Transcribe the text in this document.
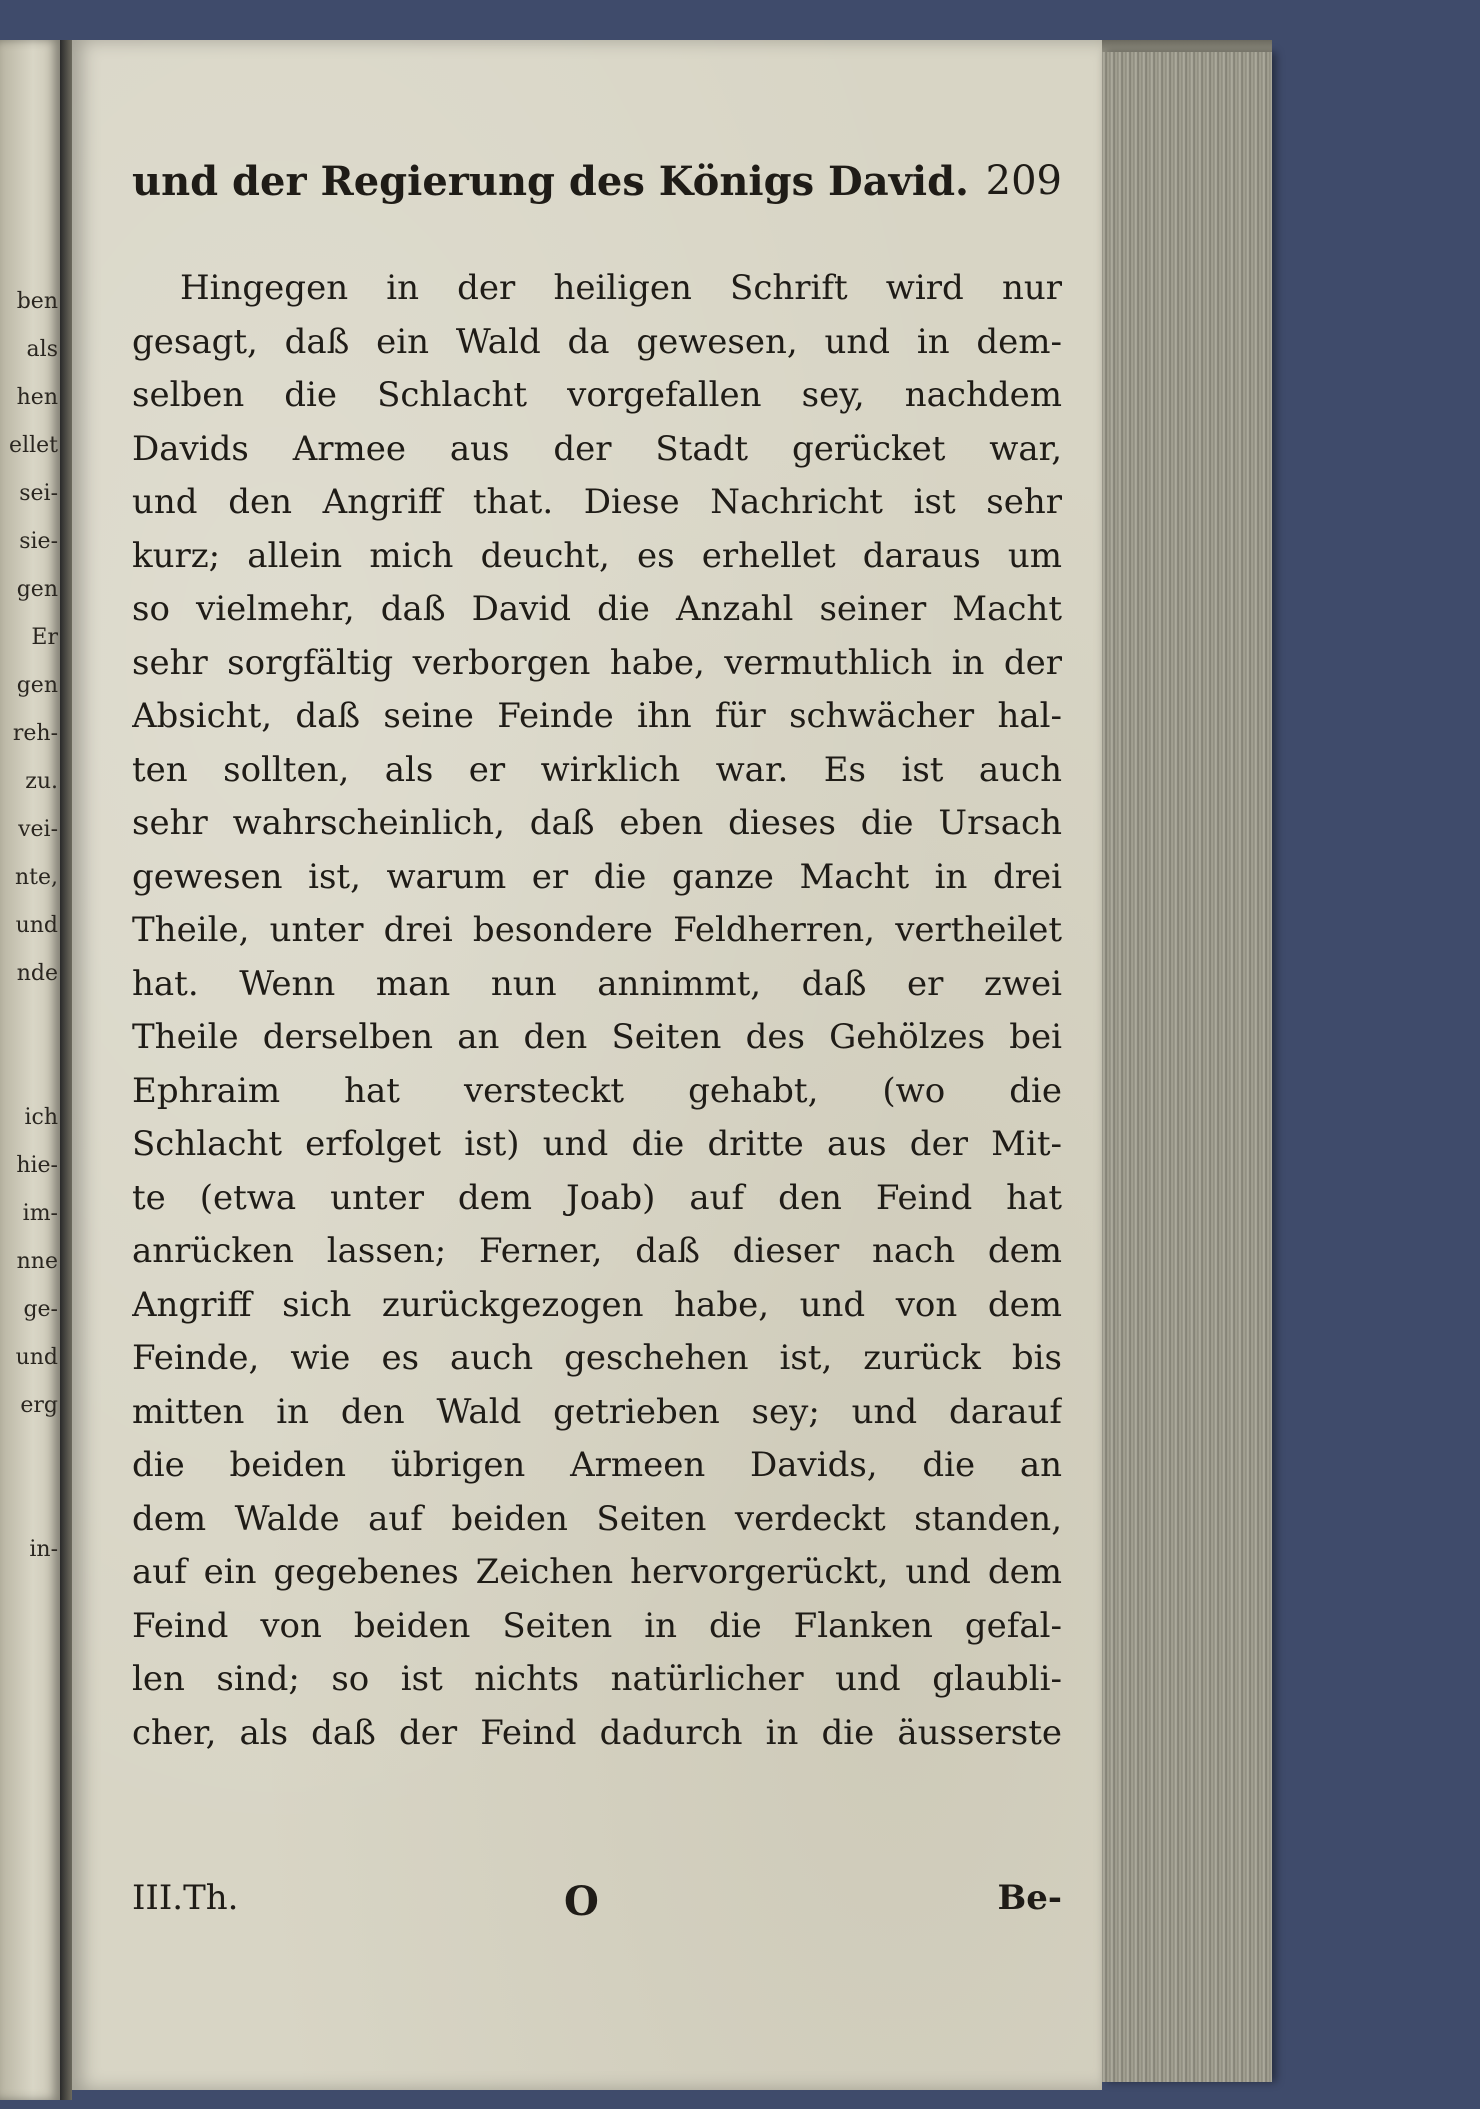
ben
als
hen
ellet
sei-
sie-
gen
Er
gen
reh-
zu.
vei-
nte,
und
nde
ich
hie-
im-
nne
ge-
und
erg
in-
und der Regierung des Königs David. 209
Hingegen in der heiligen Schrift wird nur
gesagt, daß ein Wald da gewesen, und in dem-
selben die Schlacht vorgefallen sey, nachdem
Davids Armee aus der Stadt gerücket war,
und den Angriff that. Diese Nachricht ist sehr
kurz; allein mich deucht, es erhellet daraus um
so vielmehr, daß David die Anzahl seiner Macht
sehr sorgfältig verborgen habe, vermuthlich in der
Absicht, daß seine Feinde ihn für schwächer hal-
ten sollten, als er wirklich war. Es ist auch
sehr wahrscheinlich, daß eben dieses die Ursach
gewesen ist, warum er die ganze Macht in drei
Theile, unter drei besondere Feldherren, vertheilet
hat. Wenn man nun annimmt, daß er zwei
Theile derselben an den Seiten des Gehölzes bei
Ephraim hat versteckt gehabt, (wo die
Schlacht erfolget ist) und die dritte aus der Mit-
te (etwa unter dem Joab) auf den Feind hat
anrücken lassen; Ferner, daß dieser nach dem
Angriff sich zurückgezogen habe, und von dem
Feinde, wie es auch geschehen ist, zurück bis
mitten in den Wald getrieben sey; und darauf
die beiden übrigen Armeen Davids, die an
dem Walde auf beiden Seiten verdeckt standen,
auf ein gegebenes Zeichen hervorgerückt, und dem
Feind von beiden Seiten in die Flanken gefal-
len sind; so ist nichts natürlicher und glaubli-
cher, als daß der Feind dadurch in die äusserste
III.Th.	O	Be-
